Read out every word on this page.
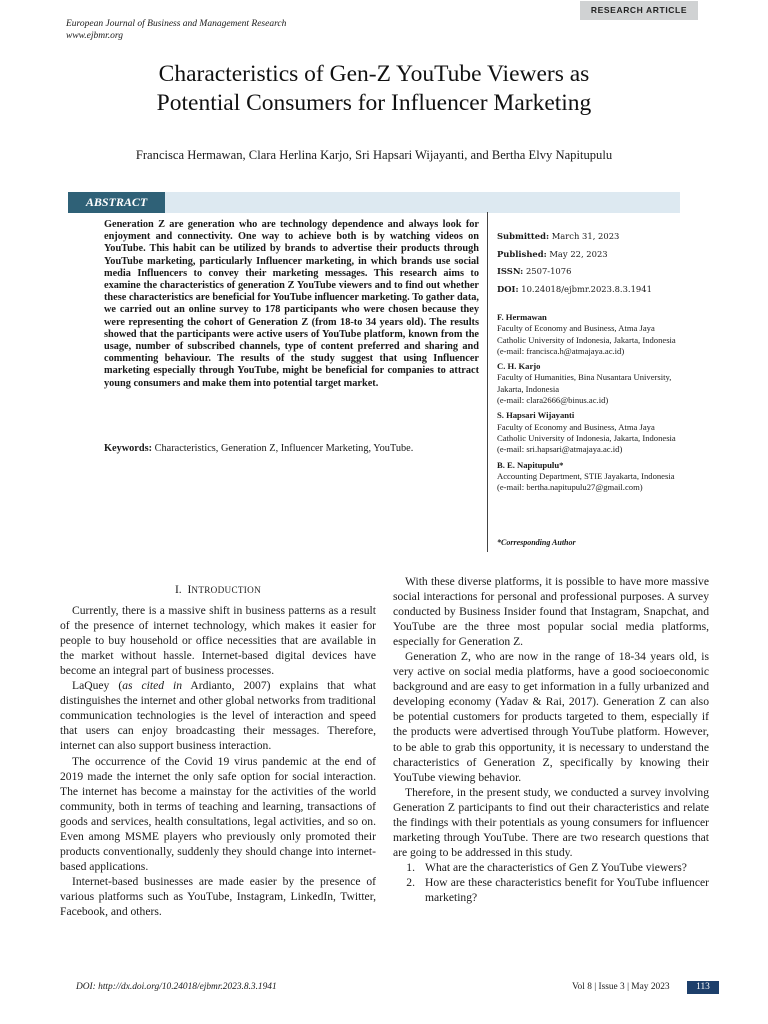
RESEARCH ARTICLE
European Journal of Business and Management Research
www.ejbmr.org
Characteristics of Gen-Z YouTube Viewers as
Potential Consumers for Influencer Marketing
Francisca Hermawan, Clara Herlina Karjo, Sri Hapsari Wijayanti, and Bertha Elvy Napitupulu
ABSTRACT
Generation Z are generation who are technology dependence and always look for enjoyment and connectivity. One way to achieve both is by watching videos on YouTube. This habit can be utilized by brands to advertise their products through YouTube marketing, particularly Influencer marketing, in which brands use social media Influencers to convey their marketing messages. This research aims to examine the characteristics of generation Z YouTube viewers and to find out whether these characteristics are beneficial for YouTube influencer marketing. To gather data, we carried out an online survey to 178 participants who were chosen because they were representing the cohort of Generation Z (from 18-to 34 years old). The results showed that the participants were active users of YouTube platform, known from the usage, number of subscribed channels, type of content preferred and sharing and commenting behaviour. The results of the study suggest that using Influencer marketing especially through YouTube, might be beneficial for companies to attract young consumers and make them into potential target market.
Keywords: Characteristics, Generation Z, Influencer Marketing, YouTube.
Submitted: March 31, 2023
Published: May 22, 2023
ISSN: 2507-1076
DOI: 10.24018/ejbmr.2023.8.3.1941
F. Hermawan
Faculty of Economy and Business, Atma Jaya Catholic University of Indonesia, Jakarta, Indonesia
(e-mail: francisca.h@atmajaya.ac.id)
C. H. Karjo
Faculty of Humanities, Bina Nusantara University, Jakarta, Indonesia
(e-mail: clara2666@binus.ac.id)
S. Hapsari Wijayanti
Faculty of Economy and Business, Atma Jaya Catholic University of Indonesia, Jakarta, Indonesia
(e-mail: sri.hapsari@atmajaya.ac.id)
B. E. Napitupulu*
Accounting Department, STIE Jayakarta, Indonesia
(e-mail: bertha.napitupulu27@gmail.com)
*Corresponding Author
I. INTRODUCTION

Currently, there is a massive shift in business patterns as a result of the presence of internet technology, which makes it easier for people to buy household or office necessities that are available in the market without hassle. Internet-based digital devices have become an integral part of business processes.

LaQuey (as cited in Ardianto, 2007) explains that what distinguishes the internet and other global networks from traditional communication technologies is the level of interaction and speed that users can enjoy broadcasting their messages. Therefore, internet can also support business interaction.

The occurrence of the Covid 19 virus pandemic at the end of 2019 made the internet the only safe option for social interaction. The internet has become a mainstay for the activities of the world community, both in terms of teaching and learning, transactions of goods and services, health consultations, legal activities, and so on. Even among MSME players who previously only promoted their products conventionally, suddenly they should change into internet-based applications.

Internet-based businesses are made easier by the presence of various platforms such as YouTube, Instagram, LinkedIn, Twitter, Facebook, and others.

With these diverse platforms, it is possible to have more massive social interactions for personal and professional purposes. A survey conducted by Business Insider found that Instagram, Snapchat, and YouTube are the three most popular social media platforms, especially for Generation Z.

Generation Z, who are now in the range of 18-34 years old, is very active on social media platforms, have a good socioeconomic background and are easy to get information in a fully urbanized and developing economy (Yadav & Rai, 2017). Generation Z can also be potential customers for products targeted to them, especially if the products were advertised through YouTube platform. However, to be able to grab this opportunity, it is necessary to understand the characteristics of Generation Z, specifically by knowing their YouTube viewing behavior.

Therefore, in the present study, we conducted a survey involving Generation Z participants to find out their characteristics and relate the findings with their potentials as young consumers for influencer marketing through YouTube. There are two research questions that are going to be addressed in this study.

1. What are the characteristics of Gen Z YouTube viewers?
2. How are these characteristics benefit for YouTube influencer marketing?
DOI: http://dx.doi.org/10.24018/ejbmr.2023.8.3.1941	Vol 8 | Issue 3 | May 2023	113
